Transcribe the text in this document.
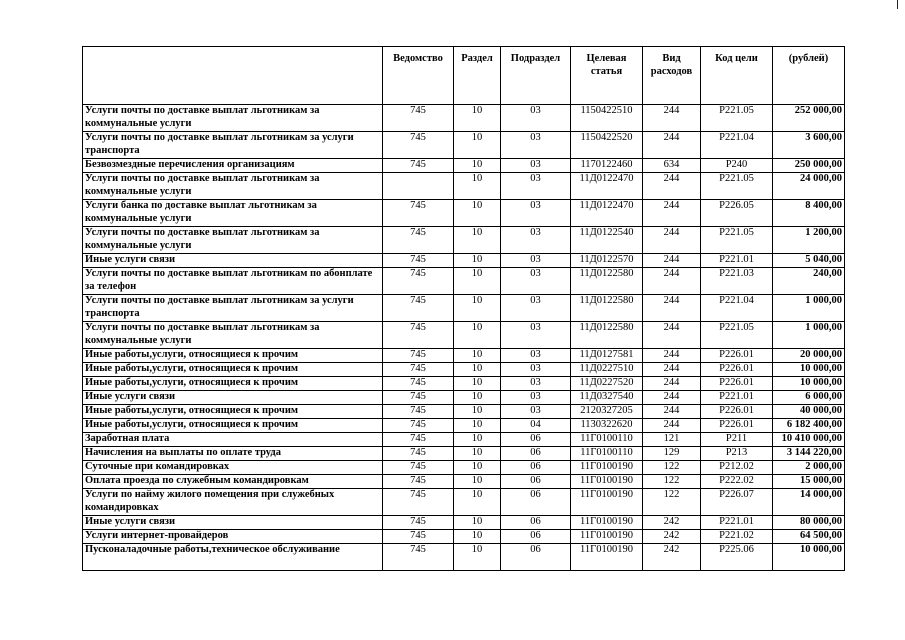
	Ведомство	Раздел	Подраздел	Целевая статья	Вид расходов	Код цели	(рублей)
Услуги почты по доставке выплат льготникам за коммунальные услуги	745	10	03	1150422510	244	Р221.05	252 000,00
Услуги почты по доставке выплат льготникам за услуги транспорта	745	10	03	1150422520	244	Р221.04	3 600,00
Безвозмездные перечисления организациям	745	10	03	1170122460	634	Р240	250 000,00
Услуги почты по доставке выплат льготникам за коммунальные услуги		10	03	11Д0122470	244	Р221.05	24 000,00
Услуги банка по доставке выплат льготникам за коммунальные услуги	745	10	03	11Д0122470	244	Р226.05	8 400,00
Услуги почты по доставке выплат льготникам за коммунальные услуги	745	10	03	11Д0122540	244	Р221.05	1 200,00
Иные услуги связи	745	10	03	11Д0122570	244	Р221.01	5 040,00
Услуги почты по доставке выплат льготникам по абонплате за телефон	745	10	03	11Д0122580	244	Р221.03	240,00
Услуги почты по доставке выплат льготникам за услуги транспорта	745	10	03	11Д0122580	244	Р221.04	1 000,00
Услуги почты по доставке выплат льготникам за коммунальные услуги	745	10	03	11Д0122580	244	Р221.05	1 000,00
Иные работы,услуги, относящиеся к прочим	745	10	03	11Д0127581	244	Р226.01	20 000,00
Иные работы,услуги, относящиеся к прочим	745	10	03	11Д0227510	244	Р226.01	10 000,00
Иные работы,услуги, относящиеся к прочим	745	10	03	11Д0227520	244	Р226.01	10 000,00
Иные услуги связи	745	10	03	11Д0327540	244	Р221.01	6 000,00
Иные работы,услуги, относящиеся к прочим	745	10	03	2120327205	244	Р226.01	40 000,00
Иные работы,услуги, относящиеся к прочим	745	10	04	1130322620	244	Р226.01	6 182 400,00
Заработная плата	745	10	06	11Г0100110	121	Р211	10 410 000,00
Начисления на выплаты по оплате труда	745	10	06	11Г0100110	129	Р213	3 144 220,00
Суточные при командировках	745	10	06	11Г0100190	122	Р212.02	2 000,00
Оплата проезда по служебным командировкам	745	10	06	11Г0100190	122	Р222.02	15 000,00
Услуги по найму жилого помещения при служебных командировках	745	10	06	11Г0100190	122	Р226.07	14 000,00
Иные услуги связи	745	10	06	11Г0100190	242	Р221.01	80 000,00
Услуги интернет-провайдеров	745	10	06	11Г0100190	242	Р221.02	64 500,00
Пусконаладочные работы,техническое обслуживание	745	10	06	11Г0100190	242	Р225.06	10 000,00
